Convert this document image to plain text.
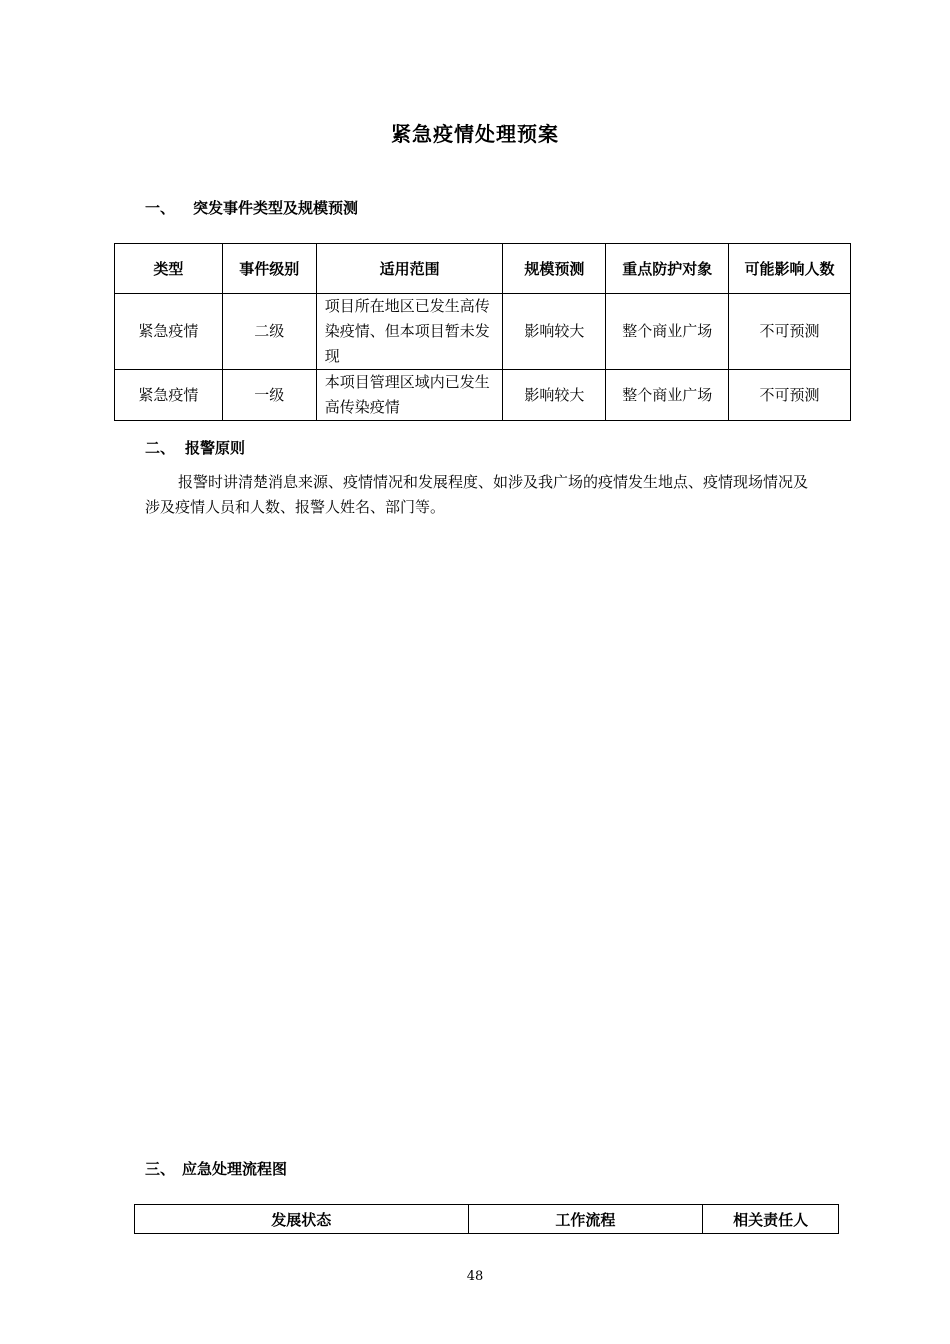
紧急疫情处理预案
一、 突发事件类型及规模预测
类型	事件级别	适用范围	规模预测	重点防护对象	可能影响人数
紧急疫情	二级	项目所在地区已发生高传染疫情、但本项目暂未发现	影响较大	整个商业广场	不可预测
紧急疫情	一级	本项目管理区域内已发生高传染疫情	影响较大	整个商业广场	不可预测
二、 报警原则
报警时讲清楚消息来源、疫情情况和发展程度、如涉及我广场的疫情发生地点、疫情现场情况及涉及疫情人员和人数、报警人姓名、部门等。
三、 应急处理流程图
发展状态	工作流程	相关责任人
48
